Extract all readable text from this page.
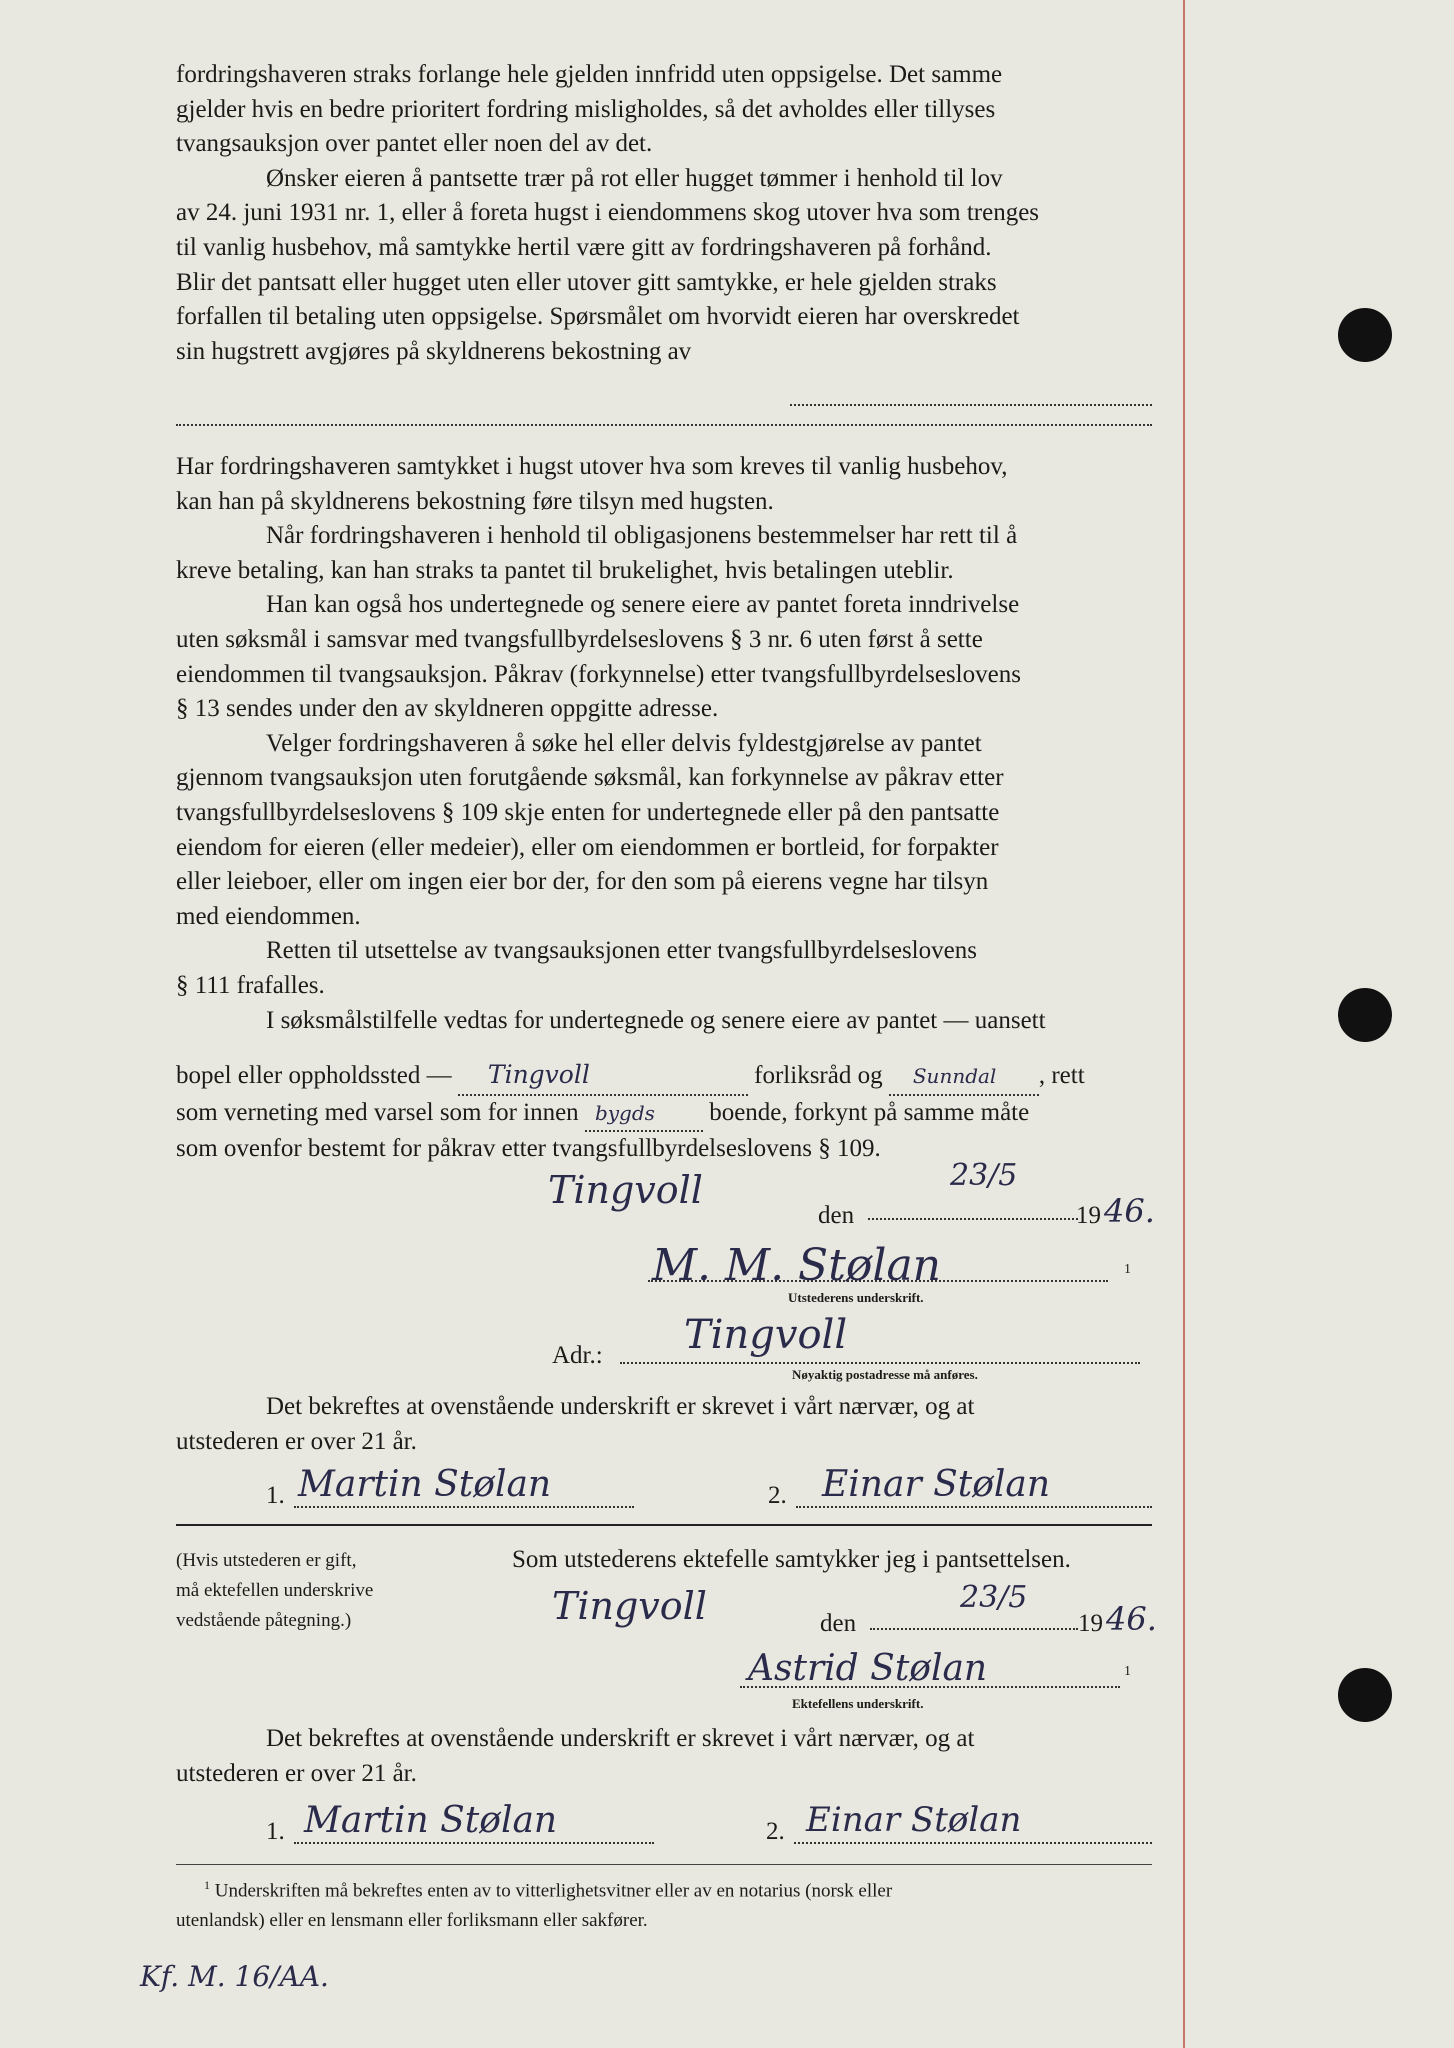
fordringshaveren straks forlange hele gjelden innfridd uten oppsigelse. Det samme
gjelder hvis en bedre prioritert fordring misligholdes, så det avholdes eller tillyses
tvangsauksjon over pantet eller noen del av det.
Ønsker eieren å pantsette trær på rot eller hugget tømmer i henhold til lov
av 24. juni 1931 nr. 1, eller å foreta hugst i eiendommens skog utover hva som trenges
til vanlig husbehov, må samtykke hertil være gitt av fordringshaveren på forhånd.
Blir det pantsatt eller hugget uten eller utover gitt samtykke, er hele gjelden straks
forfallen til betaling uten oppsigelse. Spørsmålet om hvorvidt eieren har overskredet
sin hugstrett avgjøres på skyldnerens bekostning av
Har fordringshaveren samtykket i hugst utover hva som kreves til vanlig husbehov,
kan han på skyldnerens bekostning føre tilsyn med hugsten.
Når fordringshaveren i henhold til obligasjonens bestemmelser har rett til å
kreve betaling, kan han straks ta pantet til brukelighet, hvis betalingen uteblir.
Han kan også hos undertegnede og senere eiere av pantet foreta inndrivelse
uten søksmål i samsvar med tvangsfullbyrdelseslovens § 3 nr. 6 uten først å sette
eiendommen til tvangsauksjon. Påkrav (forkynnelse) etter tvangsfullbyrdelseslovens
§ 13 sendes under den av skyldneren oppgitte adresse.
Velger fordringshaveren å søke hel eller delvis fyldestgjørelse av pantet
gjennom tvangsauksjon uten forutgående søksmål, kan forkynnelse av påkrav etter
tvangsfullbyrdelseslovens § 109 skje enten for undertegnede eller på den pantsatte
eiendom for eieren (eller medeier), eller om eiendommen er bortleid, for forpakter
eller leieboer, eller om ingen eier bor der, for den som på eierens vegne har tilsyn
med eiendommen.
Retten til utsettelse av tvangsauksjonen etter tvangsfullbyrdelseslovens
§ 111 frafalles.
I søksmålstilfelle vedtas for undertegnede og senere eiere av pantet — uansett
bopel eller oppholdssted — Tingvoll	forliksråd og Sunndal , rett
som verneting med varsel som for innen bygds boende, forkynt på samme måte
som ovenfor bestemt for påkrav etter tvangsfullbyrdelseslovens § 109.
Tingvoll
den
23/5
19 46.
M. M. Stølan	1
Utstederens underskrift.
Adr.: Tingvoll
Nøyaktig postadresse må anføres.
Det bekreftes at ovenstående underskrift er skrevet i vårt nærvær, og at
utstederen er over 21 år.
1. Martin Stølan	2. Einar Stølan
(Hvis utstederen er gift,
må ektefellen underskrive
vedstående påtegning.)
Som utstederens ektefelle samtykker jeg i pantsettelsen.
Tingvoll	den
23/5
19 46.
Astrid Stølan	1
Ektefellens underskrift.
Det bekreftes at ovenstående underskrift er skrevet i vårt nærvær, og at
utstederen er over 21 år.
1. Martin Stølan	2. Einar Stølan
$^1$ Underskriften må bekreftes enten av to vitterlighetsvitner eller av en notarius (norsk eller
utenlandsk) eller en lensmann eller forliksmann eller sakfører.
Kf. M. 16/AA.
